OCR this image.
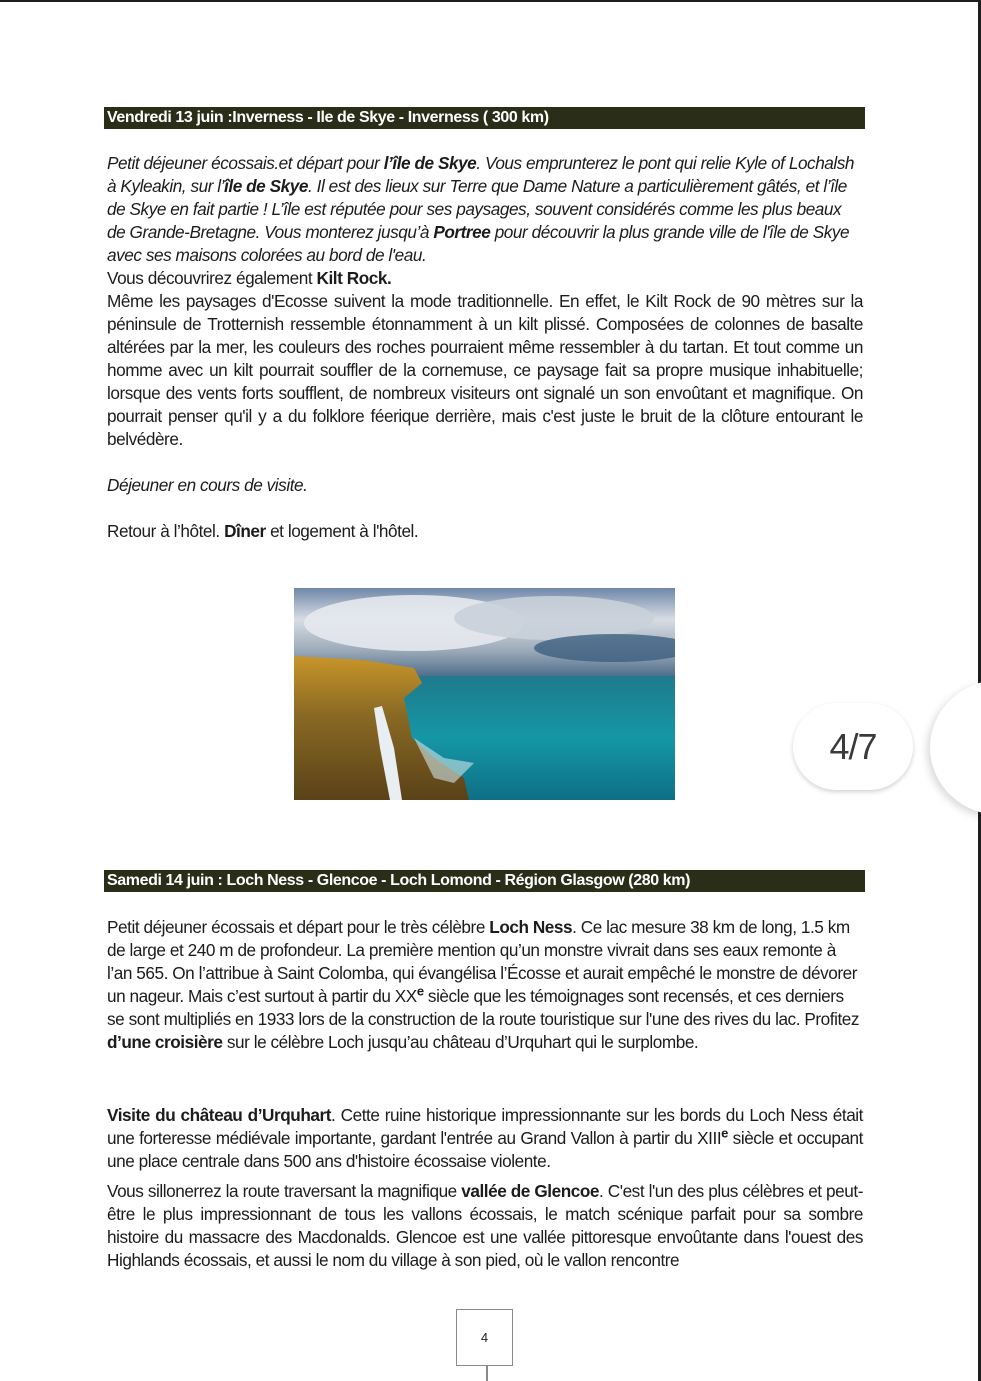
Vendredi 13 juin :Inverness - Ile de Skye - Inverness ( 300 km)
Petit déjeuner écossais.et départ pour l’île de Skye. Vous emprunterez le pont qui relie Kyle of Lochalsh à Kyleakin, sur l’île de Skye. Il est des lieux sur Terre que Dame Nature a particulièrement gâtés, et l’île de Skye en fait partie ! L’île est réputée pour ses paysages, souvent considérés comme les plus beaux de Grande-Bretagne. Vous monterez jusqu’à Portree pour découvrir la plus grande ville de l'île de Skye avec ses maisons colorées au bord de l'eau.
Vous découvrirez également Kilt Rock.
Même les paysages d'Ecosse suivent la mode traditionnelle. En effet, le Kilt Rock de 90 mètres sur la péninsule de Trotternish ressemble étonnamment à un kilt plissé. Composées de colonnes de basalte altérées par la mer, les couleurs des roches pourraient même ressembler à du tartan. Et tout comme un homme avec un kilt pourrait souffler de la cornemuse, ce paysage fait sa propre musique inhabituelle; lorsque des vents forts soufflent, de nombreux visiteurs ont signalé un son envoûtant et magnifique. On pourrait penser qu'il y a du folklore féerique derrière, mais c'est juste le bruit de la clôture entourant le belvédère.
Déjeuner en cours de visite.
Retour à l’hôtel. Dîner et logement à l'hôtel.
4/7
Samedi 14 juin : Loch Ness - Glencoe - Loch Lomond - Région Glasgow (280 km)
Petit déjeuner écossais et départ pour le très célèbre Loch Ness. Ce lac mesure 38 km de long, 1.5 km de large et 240 m de profondeur. La première mention qu’un monstre vivrait dans ses eaux remonte à l’an 565. On l’attribue à Saint Colomba, qui évangélisa l’Écosse et aurait empêché le monstre de dévorer un nageur. Mais c’est surtout à partir du XXe siècle que les témoignages sont recensés, et ces derniers se sont multipliés en 1933 lors de la construction de la route touristique sur l'une des rives du lac. Profitez d’une croisière sur le célèbre Loch jusqu’au château d’Urquhart qui le surplombe.
Visite du château d’Urquhart. Cette ruine historique impressionnante sur les bords du Loch Ness était une forteresse médiévale importante, gardant l'entrée au Grand Vallon à partir du XIIIe siècle et occupant une place centrale dans 500 ans d'histoire écossaise violente.
Vous sillonerrez la route traversant la magnifique vallée de Glencoe. C'est l'un des plus célèbres et peut-être le plus impressionnant de tous les vallons écossais, le match scénique parfait pour sa sombre histoire du massacre des Macdonalds. Glencoe est une vallée pittoresque envoûtante dans l'ouest des Highlands écossais, et aussi le nom du village à son pied, où le vallon rencontre
4
